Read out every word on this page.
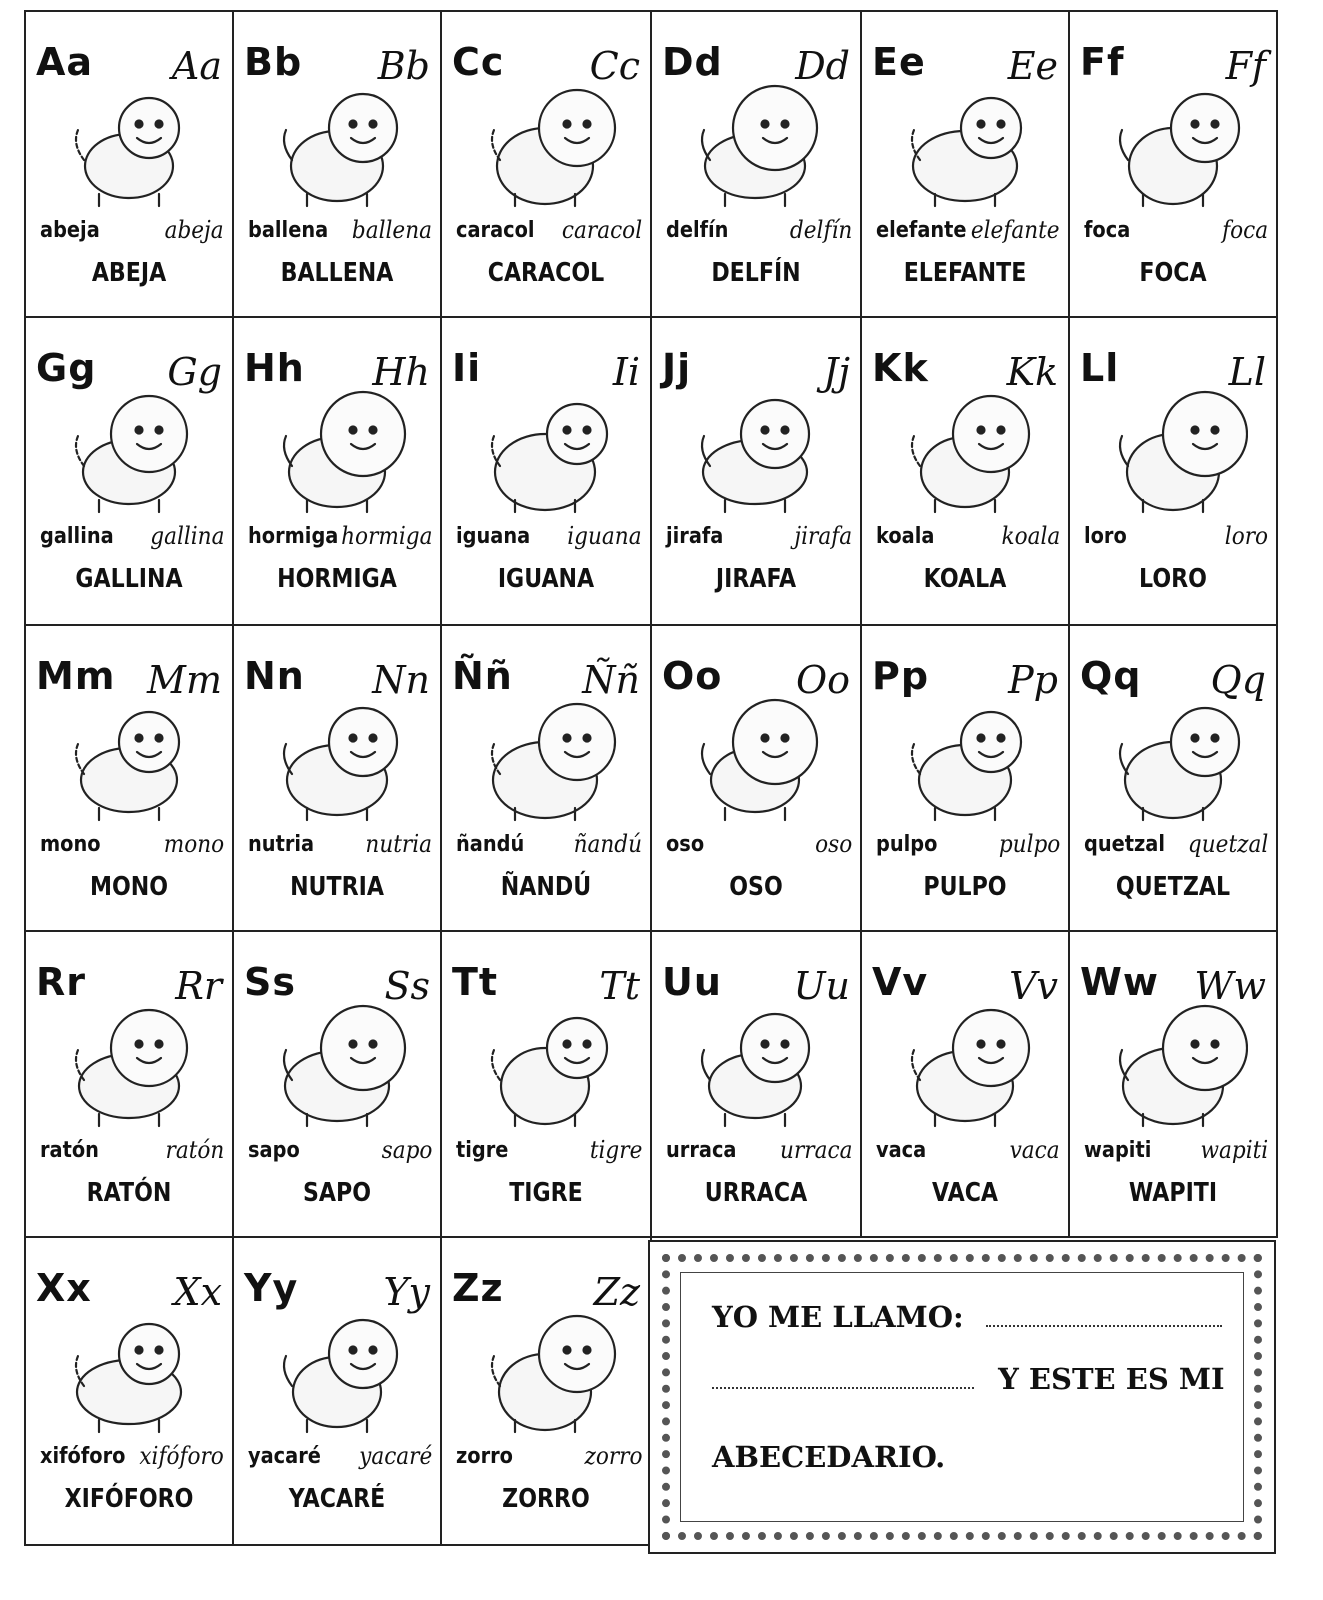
Aa Aa
abeja	abeja
ABEJA
Bb Bb
ballena ballena
BALLENA
Cc Cc
caracol caracol
CARACOL
Dd Dd
delfín	delfín
DELFÍN
Ee Ee
elefante elefante
ELEFANTE
Ff	Ff
foca	foca
FOCA
Gg Gg
gallina gallina
GALLINA
Hh Hh
hormiga hormiga
HORMIGA
Ii	Ii
iguana iguana
IGUANA
Jj	Jj
jirafa	jirafa
JIRAFA
Kk Kk
koala	koala
KOALA
Ll	Ll
loro	loro
LORO
Mm Mm
mono	mono
MONO
Nn Nn
nutria nutria
NUTRIA
Ññ Ññ
ñandú ñandú
ÑANDÚ
Oo Oo
oso	oso
OSO
Pp Pp
pulpo	pulpo
PULPO
Qq Qq
quetzal quetzal
QUETZAL
Rr Rr
ratón	ratón
RATÓN
Ss Ss
sapo	sapo
SAPO
Tt	Tt
tigre	tigre
TIGRE
Uu Uu
urraca urraca
URRACA
Vv Vv
vaca	vaca
VACA
Ww Ww
wapiti wapiti
WAPITI
Xx Xx
xifóforo xifóforo
XIFÓFORO
Yy Yy
yacaré yacaré
YACARÉ
Zz Zz
zorro	zorro
ZORRO
YO ME LLAMO:
Y ESTE ES MI
ABECEDARIO.
